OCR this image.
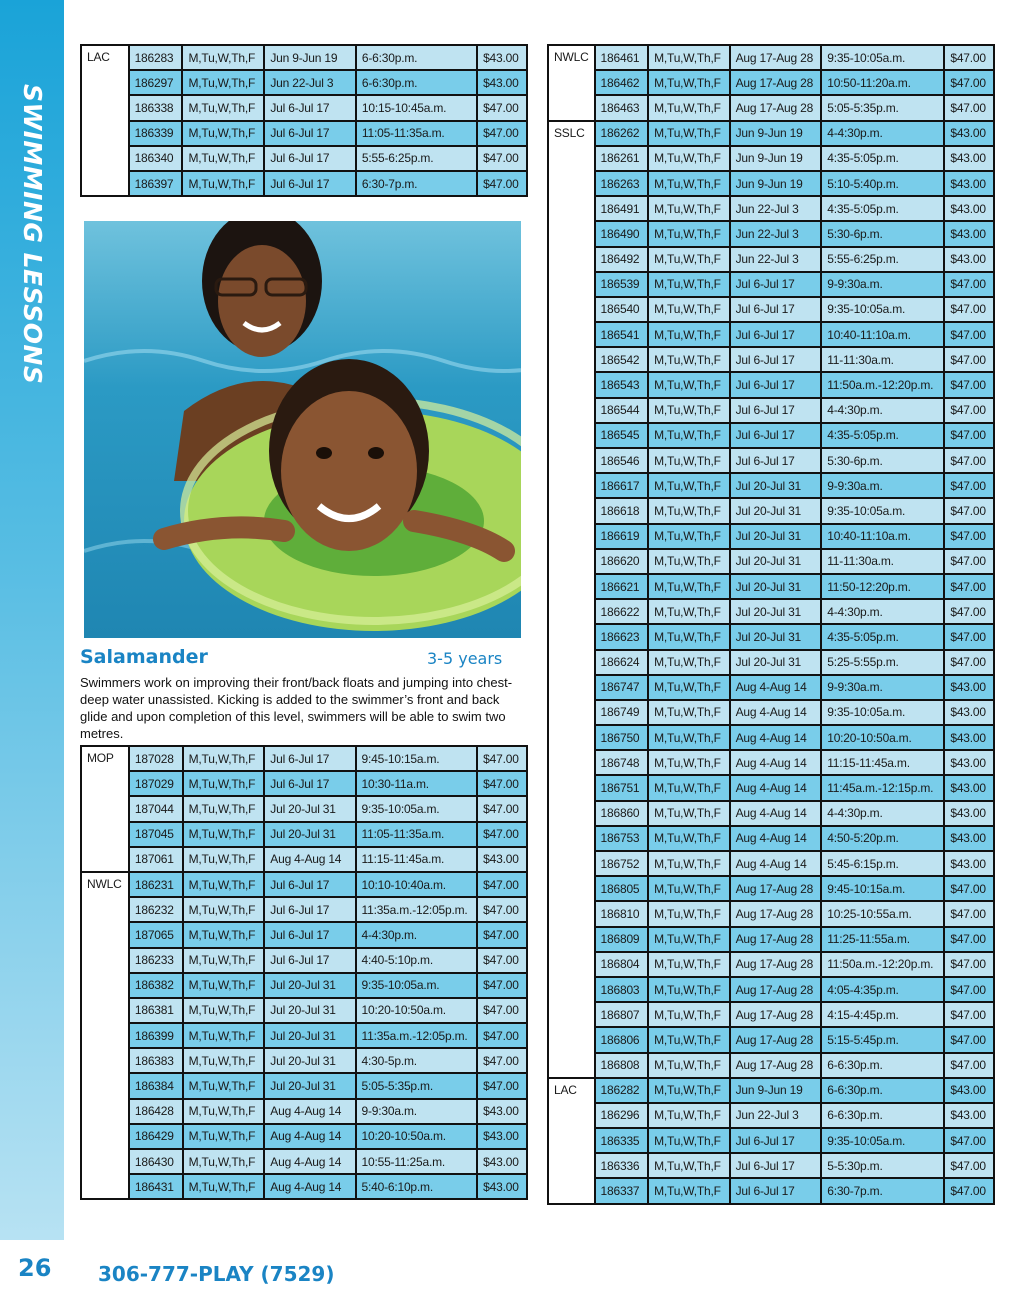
SWIMMING LESSONS
26 306-777-PLAY (7529)
LAC	186283	M,Tu,W,Th,F	Jun 9-Jun 19	6-6:30p.m.	$43.00
	186297	M,Tu,W,Th,F	Jun 22-Jul 3	6-6:30p.m.	$43.00
	186338	M,Tu,W,Th,F	Jul 6-Jul 17	10:15-10:45a.m.	$47.00
	186339	M,Tu,W,Th,F	Jul 6-Jul 17	11:05-11:35a.m.	$47.00
	186340	M,Tu,W,Th,F	Jul 6-Jul 17	5:55-6:25p.m.	$47.00
	186397	M,Tu,W,Th,F	Jul 6-Jul 17	6:30-7p.m.	$47.00
Salamander	3-5 years
Swimmers work on improving their front/back floats and jumping into chest-deep water unassisted. Kicking is added to the swimmer’s front and back glide and upon completion of this level, swimmers will be able to swim two metres.
MOP	187028	M,Tu,W,Th,F	Jul 6-Jul 17	9:45-10:15a.m.	$47.00
	187029	M,Tu,W,Th,F	Jul 6-Jul 17	10:30-11a.m.	$47.00
	187044	M,Tu,W,Th,F	Jul 20-Jul 31	9:35-10:05a.m.	$47.00
	187045	M,Tu,W,Th,F	Jul 20-Jul 31	11:05-11:35a.m.	$47.00
	187061	M,Tu,W,Th,F	Aug 4-Aug 14	11:15-11:45a.m.	$43.00
NWLC	186231	M,Tu,W,Th,F	Jul 6-Jul 17	10:10-10:40a.m.	$47.00
	186232	M,Tu,W,Th,F	Jul 6-Jul 17	11:35a.m.-12:05p.m.	$47.00
	187065	M,Tu,W,Th,F	Jul 6-Jul 17	4-4:30p.m.	$47.00
	186233	M,Tu,W,Th,F	Jul 6-Jul 17	4:40-5:10p.m.	$47.00
	186382	M,Tu,W,Th,F	Jul 20-Jul 31	9:35-10:05a.m.	$47.00
	186381	M,Tu,W,Th,F	Jul 20-Jul 31	10:20-10:50a.m.	$47.00
	186399	M,Tu,W,Th,F	Jul 20-Jul 31	11:35a.m.-12:05p.m.	$47.00
	186383	M,Tu,W,Th,F	Jul 20-Jul 31	4:30-5p.m.	$47.00
	186384	M,Tu,W,Th,F	Jul 20-Jul 31	5:05-5:35p.m.	$47.00
	186428	M,Tu,W,Th,F	Aug 4-Aug 14	9-9:30a.m.	$43.00
	186429	M,Tu,W,Th,F	Aug 4-Aug 14	10:20-10:50a.m.	$43.00
	186430	M,Tu,W,Th,F	Aug 4-Aug 14	10:55-11:25a.m.	$43.00
	186431	M,Tu,W,Th,F	Aug 4-Aug 14	5:40-6:10p.m.	$43.00
NWLC	186461	M,Tu,W,Th,F	Aug 17-Aug 28	9:35-10:05a.m.	$47.00
	186462	M,Tu,W,Th,F	Aug 17-Aug 28	10:50-11:20a.m.	$47.00
	186463	M,Tu,W,Th,F	Aug 17-Aug 28	5:05-5:35p.m.	$47.00
SSLC	186262	M,Tu,W,Th,F	Jun 9-Jun 19	4-4:30p.m.	$43.00
	186261	M,Tu,W,Th,F	Jun 9-Jun 19	4:35-5:05p.m.	$43.00
	186263	M,Tu,W,Th,F	Jun 9-Jun 19	5:10-5:40p.m.	$43.00
	186491	M,Tu,W,Th,F	Jun 22-Jul 3	4:35-5:05p.m.	$43.00
	186490	M,Tu,W,Th,F	Jun 22-Jul 3	5:30-6p.m.	$43.00
	186492	M,Tu,W,Th,F	Jun 22-Jul 3	5:55-6:25p.m.	$43.00
	186539	M,Tu,W,Th,F	Jul 6-Jul 17	9-9:30a.m.	$47.00
	186540	M,Tu,W,Th,F	Jul 6-Jul 17	9:35-10:05a.m.	$47.00
	186541	M,Tu,W,Th,F	Jul 6-Jul 17	10:40-11:10a.m.	$47.00
	186542	M,Tu,W,Th,F	Jul 6-Jul 17	11-11:30a.m.	$47.00
	186543	M,Tu,W,Th,F	Jul 6-Jul 17	11:50a.m.-12:20p.m.	$47.00
	186544	M,Tu,W,Th,F	Jul 6-Jul 17	4-4:30p.m.	$47.00
	186545	M,Tu,W,Th,F	Jul 6-Jul 17	4:35-5:05p.m.	$47.00
	186546	M,Tu,W,Th,F	Jul 6-Jul 17	5:30-6p.m.	$47.00
	186617	M,Tu,W,Th,F	Jul 20-Jul 31	9-9:30a.m.	$47.00
	186618	M,Tu,W,Th,F	Jul 20-Jul 31	9:35-10:05a.m.	$47.00
	186619	M,Tu,W,Th,F	Jul 20-Jul 31	10:40-11:10a.m.	$47.00
	186620	M,Tu,W,Th,F	Jul 20-Jul 31	11-11:30a.m.	$47.00
	186621	M,Tu,W,Th,F	Jul 20-Jul 31	11:50-12:20p.m.	$47.00
	186622	M,Tu,W,Th,F	Jul 20-Jul 31	4-4:30p.m.	$47.00
	186623	M,Tu,W,Th,F	Jul 20-Jul 31	4:35-5:05p.m.	$47.00
	186624	M,Tu,W,Th,F	Jul 20-Jul 31	5:25-5:55p.m.	$47.00
	186747	M,Tu,W,Th,F	Aug 4-Aug 14	9-9:30a.m.	$43.00
	186749	M,Tu,W,Th,F	Aug 4-Aug 14	9:35-10:05a.m.	$43.00
	186750	M,Tu,W,Th,F	Aug 4-Aug 14	10:20-10:50a.m.	$43.00
	186748	M,Tu,W,Th,F	Aug 4-Aug 14	11:15-11:45a.m.	$43.00
	186751	M,Tu,W,Th,F	Aug 4-Aug 14	11:45a.m.-12:15p.m.	$43.00
	186860	M,Tu,W,Th,F	Aug 4-Aug 14	4-4:30p.m.	$43.00
	186753	M,Tu,W,Th,F	Aug 4-Aug 14	4:50-5:20p.m.	$43.00
	186752	M,Tu,W,Th,F	Aug 4-Aug 14	5:45-6:15p.m.	$43.00
	186805	M,Tu,W,Th,F	Aug 17-Aug 28	9:45-10:15a.m.	$47.00
	186810	M,Tu,W,Th,F	Aug 17-Aug 28	10:25-10:55a.m.	$47.00
	186809	M,Tu,W,Th,F	Aug 17-Aug 28	11:25-11:55a.m.	$47.00
	186804	M,Tu,W,Th,F	Aug 17-Aug 28	11:50a.m.-12:20p.m.	$47.00
	186803	M,Tu,W,Th,F	Aug 17-Aug 28	4:05-4:35p.m.	$47.00
	186807	M,Tu,W,Th,F	Aug 17-Aug 28	4:15-4:45p.m.	$47.00
	186806	M,Tu,W,Th,F	Aug 17-Aug 28	5:15-5:45p.m.	$47.00
	186808	M,Tu,W,Th,F	Aug 17-Aug 28	6-6:30p.m.	$47.00
LAC	186282	M,Tu,W,Th,F	Jun 9-Jun 19	6-6:30p.m.	$43.00
	186296	M,Tu,W,Th,F	Jun 22-Jul 3	6-6:30p.m.	$43.00
	186335	M,Tu,W,Th,F	Jul 6-Jul 17	9:35-10:05a.m.	$47.00
	186336	M,Tu,W,Th,F	Jul 6-Jul 17	5-5:30p.m.	$47.00
	186337	M,Tu,W,Th,F	Jul 6-Jul 17	6:30-7p.m.	$47.00
